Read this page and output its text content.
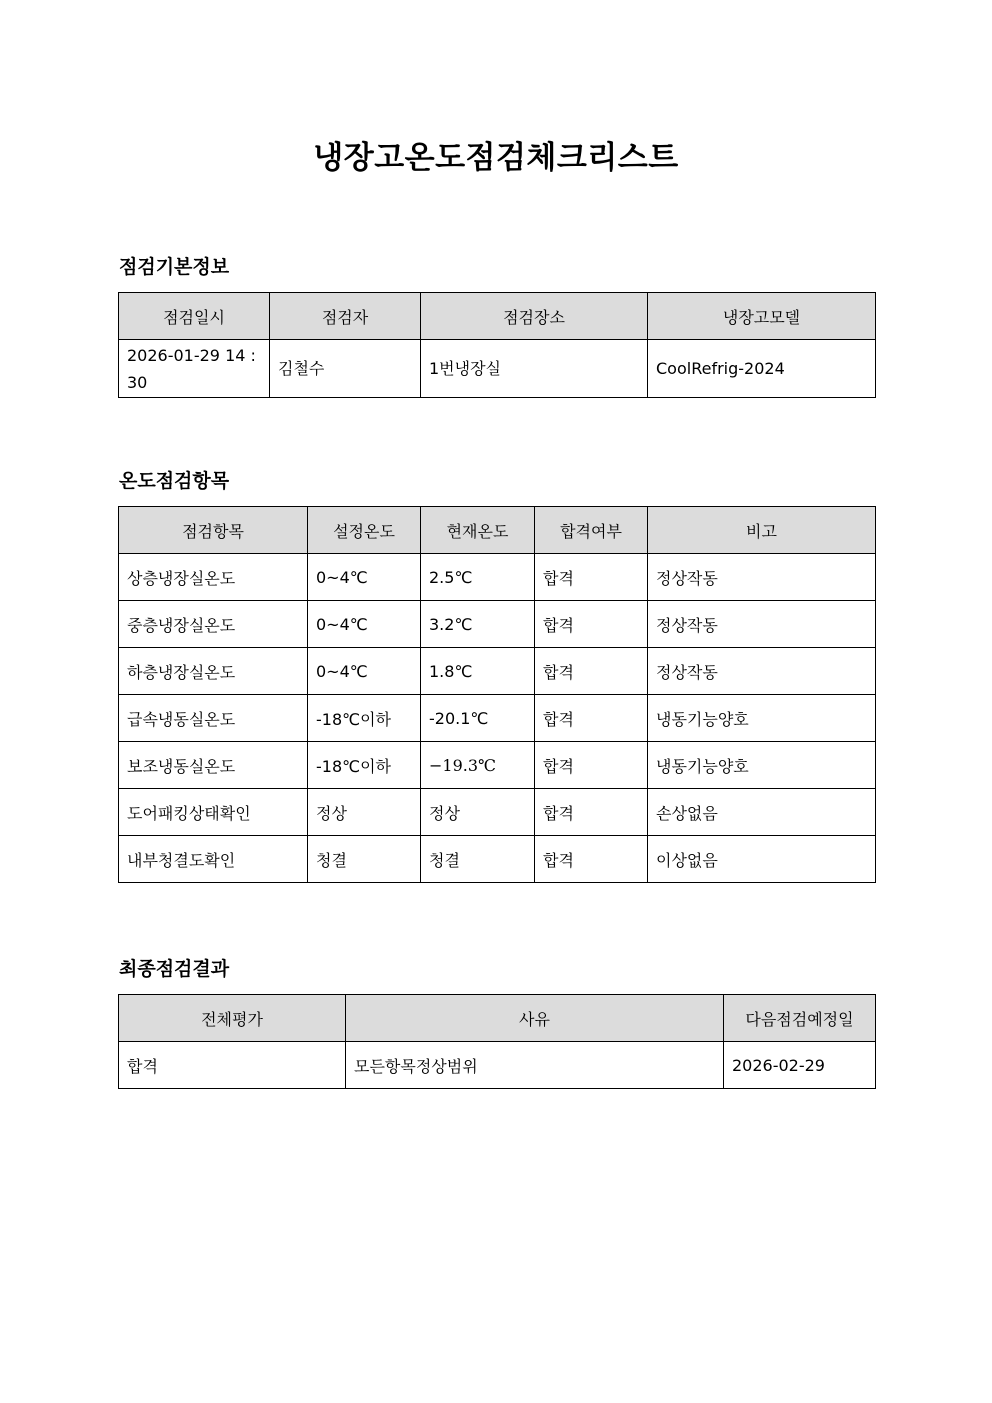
냉장고온도점검체크리스트
점검기본정보
점검일시	점검자	점검장소	냉장고모델
2026-01-29 14 : 30	김철수	1번냉장실	CoolRefrig-2024
온도점검항목
점검항목	설정온도	현재온도	합격여부	비고
상층냉장실온도	0~4℃	2.5℃	합격	정상작동
중층냉장실온도	0~4℃	3.2℃	합격	정상작동
하층냉장실온도	0~4℃	1.8℃	합격	정상작동
급속냉동실온도	-18℃이하	-20.1℃	합격	냉동기능양호
보조냉동실온도	-18℃이하	−19.3℃	합격	냉동기능양호
도어패킹상태확인	정상	정상	합격	손상없음
내부청결도확인	청결	청결	합격	이상없음
최종점검결과
전체평가	사유	다음점검예정일
합격	모든항목정상범위	2026-02-29
